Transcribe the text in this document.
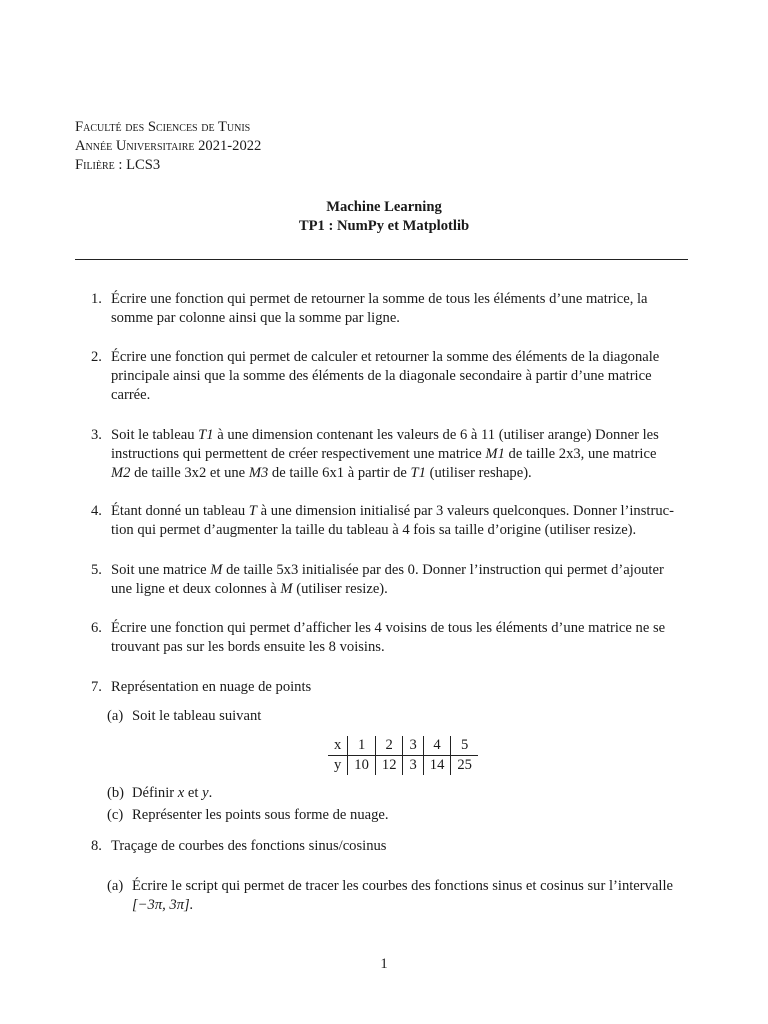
Faculté des Sciences de Tunis
Année Universitaire 2021-2022
Filière : LCS3
Machine Learning
TP1 : NumPy et Matplotlib
1. Écrire une fonction qui permet de retourner la somme de tous les éléments d’une matrice, la
somme par colonne ainsi que la somme par ligne.
2. Écrire une fonction qui permet de calculer et retourner la somme des éléments de la diagonale
principale ainsi que la somme des éléments de la diagonale secondaire à partir d’une matrice
carrée.
3. Soit le tableau T1 à une dimension contenant les valeurs de 6 à 11 (utiliser arange) Donner les
instructions qui permettent de créer respectivement une matrice M1 de taille 2x3, une matrice
M2 de taille 3x2 et une M3 de taille 6x1 à partir de T1 (utiliser reshape).
4. Étant donné un tableau T à une dimension initialisé par 3 valeurs quelconques. Donner l’instruc-
tion qui permet d’augmenter la taille du tableau à 4 fois sa taille d’origine (utiliser resize).
5. Soit une matrice M de taille 5x3 initialisée par des 0. Donner l’instruction qui permet d’ajouter
une ligne et deux colonnes à M (utiliser resize).
6. Écrire une fonction qui permet d’afficher les 4 voisins de tous les éléments d’une matrice ne se
trouvant pas sur les bords ensuite les 8 voisins.
7. Représentation en nuage de points
(a) Soit le tableau suivant
x	1	2	3	4	5
y	10	12	3	14	25
(b) Définir x et y.
(c) Représenter les points sous forme de nuage.
8. Traçage de courbes des fonctions sinus/cosinus
(a) Écrire le script qui permet de tracer les courbes des fonctions sinus et cosinus sur l’intervalle
[−3π, 3π].
1
